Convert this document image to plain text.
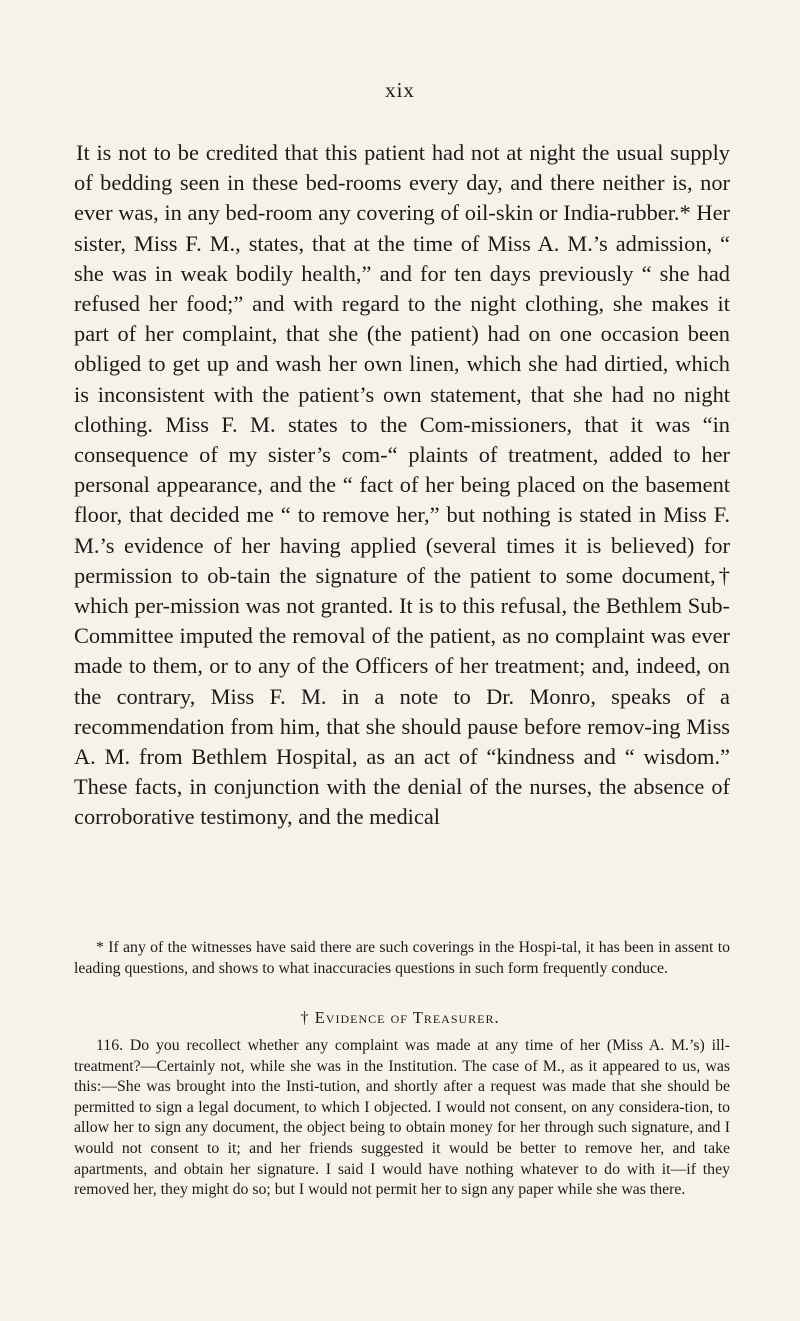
xix

It is not to be credited that this patient had not at night the usual supply of bedding seen in these bed-rooms every day, and there neither is, nor ever was, in any bed-room any covering of oil-skin or India-rubber.* Her sister, Miss F. M., states, that at the time of Miss A. M.’s admission, “ she was in weak bodily health,” and for ten days previously “ she had refused her food;” and with regard to the night clothing, she makes it part of her complaint, that she (the patient) had on one occasion been obliged to get up and wash her own linen, which she had dirtied, which is inconsistent with the patient’s own statement, that she had no night clothing. Miss F. M. states to the Com-missioners, that it was “in consequence of my sister’s com-“ plaints of treatment, added to her personal appearance, and the “ fact of her being placed on the basement floor, that decided me “ to remove her,” but nothing is stated in Miss F. M.’s evidence of her having applied (several times it is believed) for permission to ob-tain the signature of the patient to some document,† which per-mission was not granted. It is to this refusal, the Bethlem Sub-Committee imputed the removal of the patient, as no complaint was ever made to them, or to any of the Officers of her treatment; and, indeed, on the contrary, Miss F. M. in a note to Dr. Monro, speaks of a recommendation from him, that she should pause before remov-ing Miss A. M. from Bethlem Hospital, as an act of “kindness and “ wisdom.” These facts, in conjunction with the denial of the nurses, the absence of corroborative testimony, and the medical

* If any of the witnesses have said there are such coverings in the Hospi-tal, it has been in assent to leading questions, and shows to what inaccuracies questions in such form frequently conduce.

† Evidence of Treasurer.

116. Do you recollect whether any complaint was made at any time of her (Miss A. M.’s) ill-treatment?—Certainly not, while she was in the Institution. The case of M., as it appeared to us, was this:—She was brought into the Insti-tution, and shortly after a request was made that she should be permitted to sign a legal document, to which I objected. I would not consent, on any considera-tion, to allow her to sign any document, the object being to obtain money for her through such signature, and I would not consent to it; and her friends suggested it would be better to remove her, and take apartments, and obtain her signature. I said I would have nothing whatever to do with it—if they removed her, they might do so; but I would not permit her to sign any paper while she was there.
